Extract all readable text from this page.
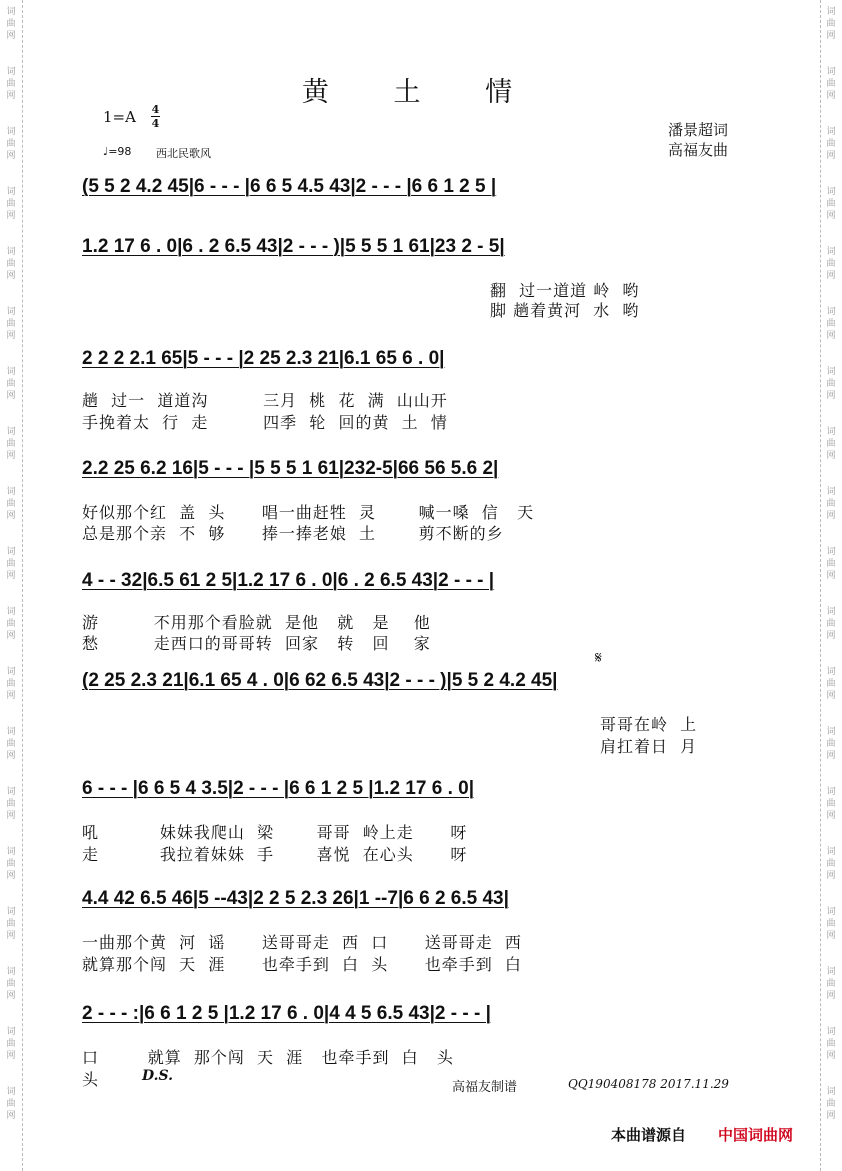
词
曲
网
词
曲
网
词
曲
网
词
曲
网
词
曲
网
词
曲
网
词
曲
网
词
曲
网
词
曲
网
词
曲
网
词
曲
网
词
曲
网
词
曲
网
词
曲
网
词
曲
网
词
曲
网
词
曲
网
词
曲
网
词
曲
网
词
曲
网
词
曲
网
词
曲
网
词
曲
网
词
曲
网
词
曲
网
词
曲
网
词
曲
网
词
曲
网
词
曲
网
词
曲
网
词
曲
网
词
曲
网
词
曲
网
词
曲
网
词
曲
网
词
曲
网
词
曲
网
词
曲
网
黄 土 情
1=A 4
4
♩=98 西北民歌风
潘景超词
高福友曲
(5 5 2 4.2 45|6 - - - |6 6 5 4.5 43|2 - - - |6 6 1 2 5 |
1.2 17 6 . 0|6 . 2 6.5 43|2 - - - )|5 5 5 1 61|23 2 - 5|
翻  过一道道 岭  哟
脚 趟着黄河  水  哟
2 2 2 2.1 65|5 - - - |2 25 2.3 21|6.1 65 6 . 0|
趟  过一  道道沟         三月  桃  花  满  山山开
手挽着太  行  走         四季  轮  回的黄  土  情
2.2 25 6.2 16|5 - - - |5 5 5 1 61|232-5|66 56 5.6 2|
好似那个红  盖  头      唱一曲赶牲  灵       喊一嗓  信   天
总是那个亲  不  够      捧一捧老娘  土       剪不断的乡
4 - - 32|6.5 61 2 5|1.2 17 6 . 0|6 . 2 6.5 43|2 - - - |
游         不用那个看脸就  是他   就   是    他
愁         走西口的哥哥转  回家   转   回    家
𝄋
(2 25 2.3 21|6.1 65 4 . 0|6 62 6.5 43|2 - - - )|5 5 2 4.2 45|
哥哥在岭  上
肩扛着日  月
6 - - - |6 6 5 4 3.5|2 - - - |6 6 1 2 5 |1.2 17 6 . 0|
吼          妹妹我爬山  梁       哥哥  岭上走      呀
走          我拉着妹妹  手       喜悦  在心头      呀
4.4 42 6.5 46|5 --43|2 2 5 2.3 26|1 --7|6 6 2 6.5 43|
一曲那个黄  河  谣      送哥哥走  西  口      送哥哥走  西
就算那个闯  天  涯      也牵手到  白  头      也牵手到  白
2 - - - :|6 6 1 2 5 |1.2 17 6 . 0|4 4 5 6.5 43|2 - - - |
口        就算  那个闯  天  涯   也牵手到  白   头
头	D.S.
高福友制谱	QQ190408178 2017.11.29
本曲谱源自 中国词曲网
